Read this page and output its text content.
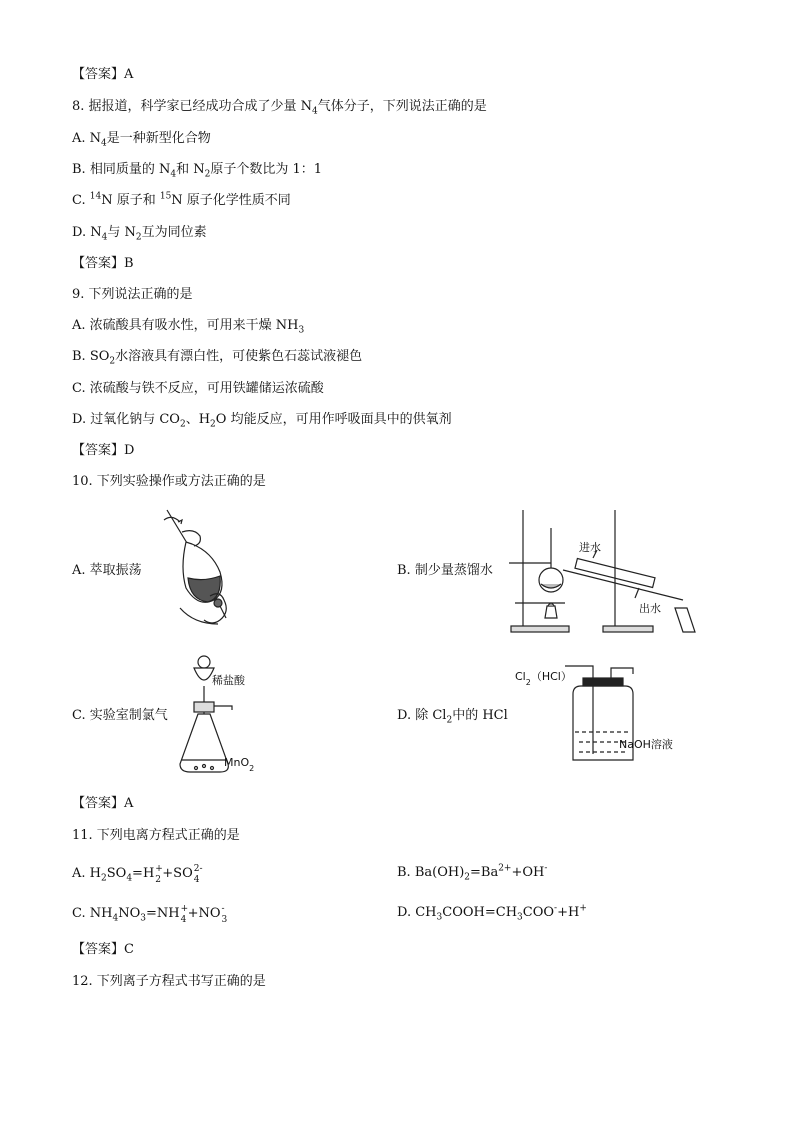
【答案】A
8. 据报道，科学家已经成功合成了少量 $N_4$气体分子，下列说法正确的是
A. $N_4$是一种新型化合物
B. 相同质量的 $N_4$和 $N_2$原子个数比为 1：1
C. $^{14}$N 原子和 $^{15}$N 原子化学性质不同
D. $N_4$与 $N_2$互为同位素
【答案】B
9. 下列说法正确的是
A. 浓硫酸具有吸水性，可用来干燥 $NH_3$
B. $SO_2$水溶液具有漂白性，可使紫色石蕊试液褪色
C. 浓硫酸与铁不反应，可用铁罐储运浓硫酸
D. 过氧化钠与 $CO_2$、$H_2O$ 均能反应，可用作呼吸面具中的供氧剂
【答案】D
10. 下列实验操作或方法正确的是
A. 萃取振荡	B. 制少量蒸馏水
C. 实验室制氯气	D. 除 $Cl_2$中的 HCl
进水
出水
稀盐酸
MnO$_2$
$Cl_2(HCl)$
NaOH溶液
【答案】A
11. 下列电离方程式正确的是
A. $H_2SO_4=H$ +
2 +SO 2-
4	B. $Ba(OH)_2=Ba^{2+}+OH^-$
C. $NH_4NO_3=NH$ +
4 +NO -
3	D. $CH_3COOH=CH_3COO^-+H^+$
【答案】C
12. 下列离子方程式书写正确的是
